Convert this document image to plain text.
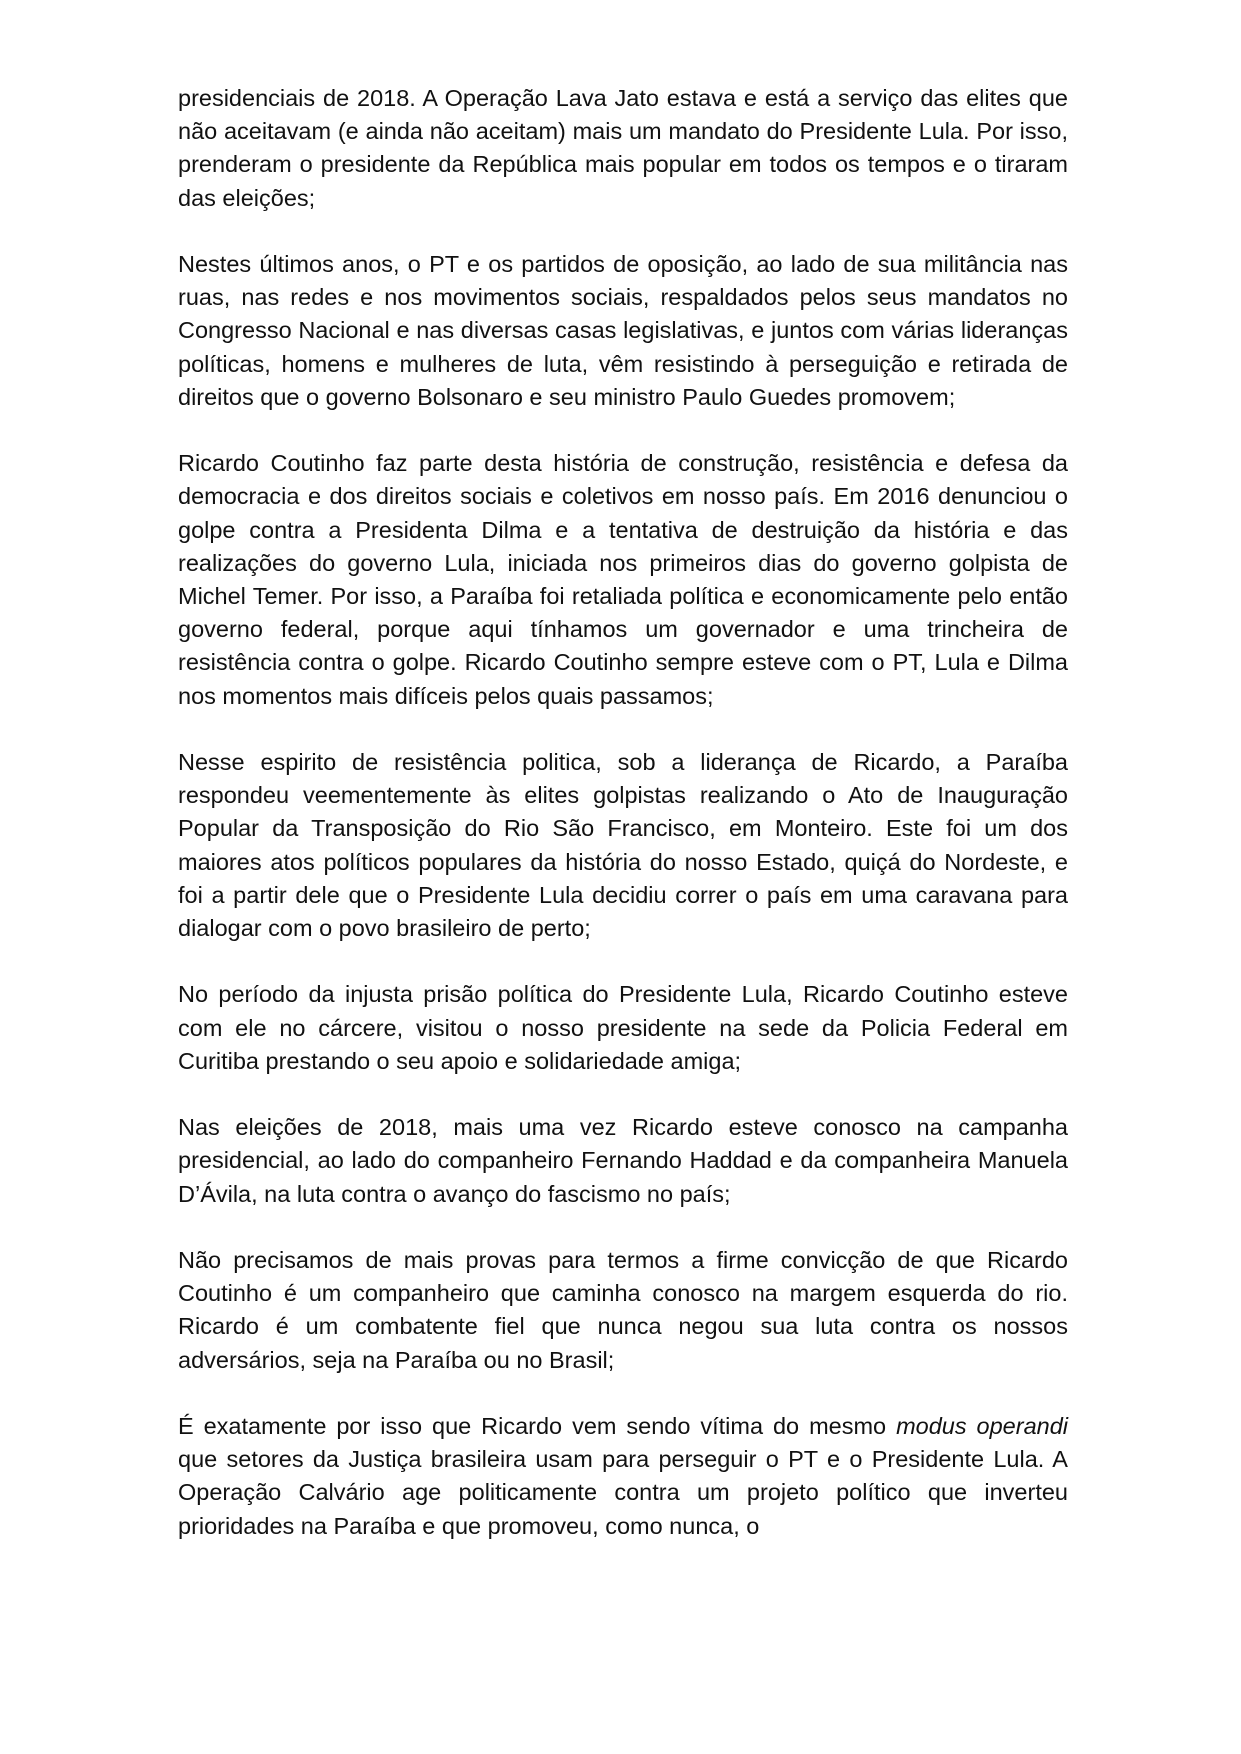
presidenciais de 2018. A Operação Lava Jato estava e está a serviço das elites que não aceitavam (e ainda não aceitam) mais um mandato do Presidente Lula. Por isso, prenderam o presidente da República mais popular em todos os tempos e o tiraram das eleições;

Nestes últimos anos, o PT e os partidos de oposição, ao lado de sua militância nas ruas, nas redes e nos movimentos sociais, respaldados pelos seus mandatos no Congresso Nacional e nas diversas casas legislativas, e juntos com várias lideranças políticas, homens e mulheres de luta, vêm resistindo à perseguição e retirada de direitos que o governo Bolsonaro e seu ministro Paulo Guedes promovem;

Ricardo Coutinho faz parte desta história de construção, resistência e defesa da democracia e dos direitos sociais e coletivos em nosso país. Em 2016 denunciou o golpe contra a Presidenta Dilma e a tentativa de destruição da história e das realizações do governo Lula, iniciada nos primeiros dias do governo golpista de Michel Temer. Por isso, a Paraíba foi retaliada política e economicamente pelo então governo federal, porque aqui tínhamos um governador e uma trincheira de resistência contra o golpe. Ricardo Coutinho sempre esteve com o PT, Lula e Dilma nos momentos mais difíceis pelos quais passamos;

Nesse espirito de resistência politica, sob a liderança de Ricardo, a Paraíba respondeu veementemente às elites golpistas realizando o Ato de Inauguração Popular da Transposição do Rio São Francisco, em Monteiro. Este foi um dos maiores atos políticos populares da história do nosso Estado, quiçá do Nordeste, e foi a partir dele que o Presidente Lula decidiu correr o país em uma caravana para dialogar com o povo brasileiro de perto;

No período da injusta prisão política do Presidente Lula, Ricardo Coutinho esteve com ele no cárcere, visitou o nosso presidente na sede da Policia Federal em Curitiba prestando o seu apoio e solidariedade amiga;

Nas eleições de 2018, mais uma vez Ricardo esteve conosco na campanha presidencial, ao lado do companheiro Fernando Haddad e da companheira Manuela D’Ávila, na luta contra o avanço do fascismo no país;

Não precisamos de mais provas para termos a firme convicção de que Ricardo Coutinho é um companheiro que caminha conosco na margem esquerda do rio. Ricardo é um combatente fiel que nunca negou sua luta contra os nossos adversários, seja na Paraíba ou no Brasil;

É exatamente por isso que Ricardo vem sendo vítima do mesmo modus operandi que setores da Justiça brasileira usam para perseguir o PT e o Presidente Lula. A Operação Calvário age politicamente contra um projeto político que inverteu prioridades na Paraíba e que promoveu, como nunca, o
